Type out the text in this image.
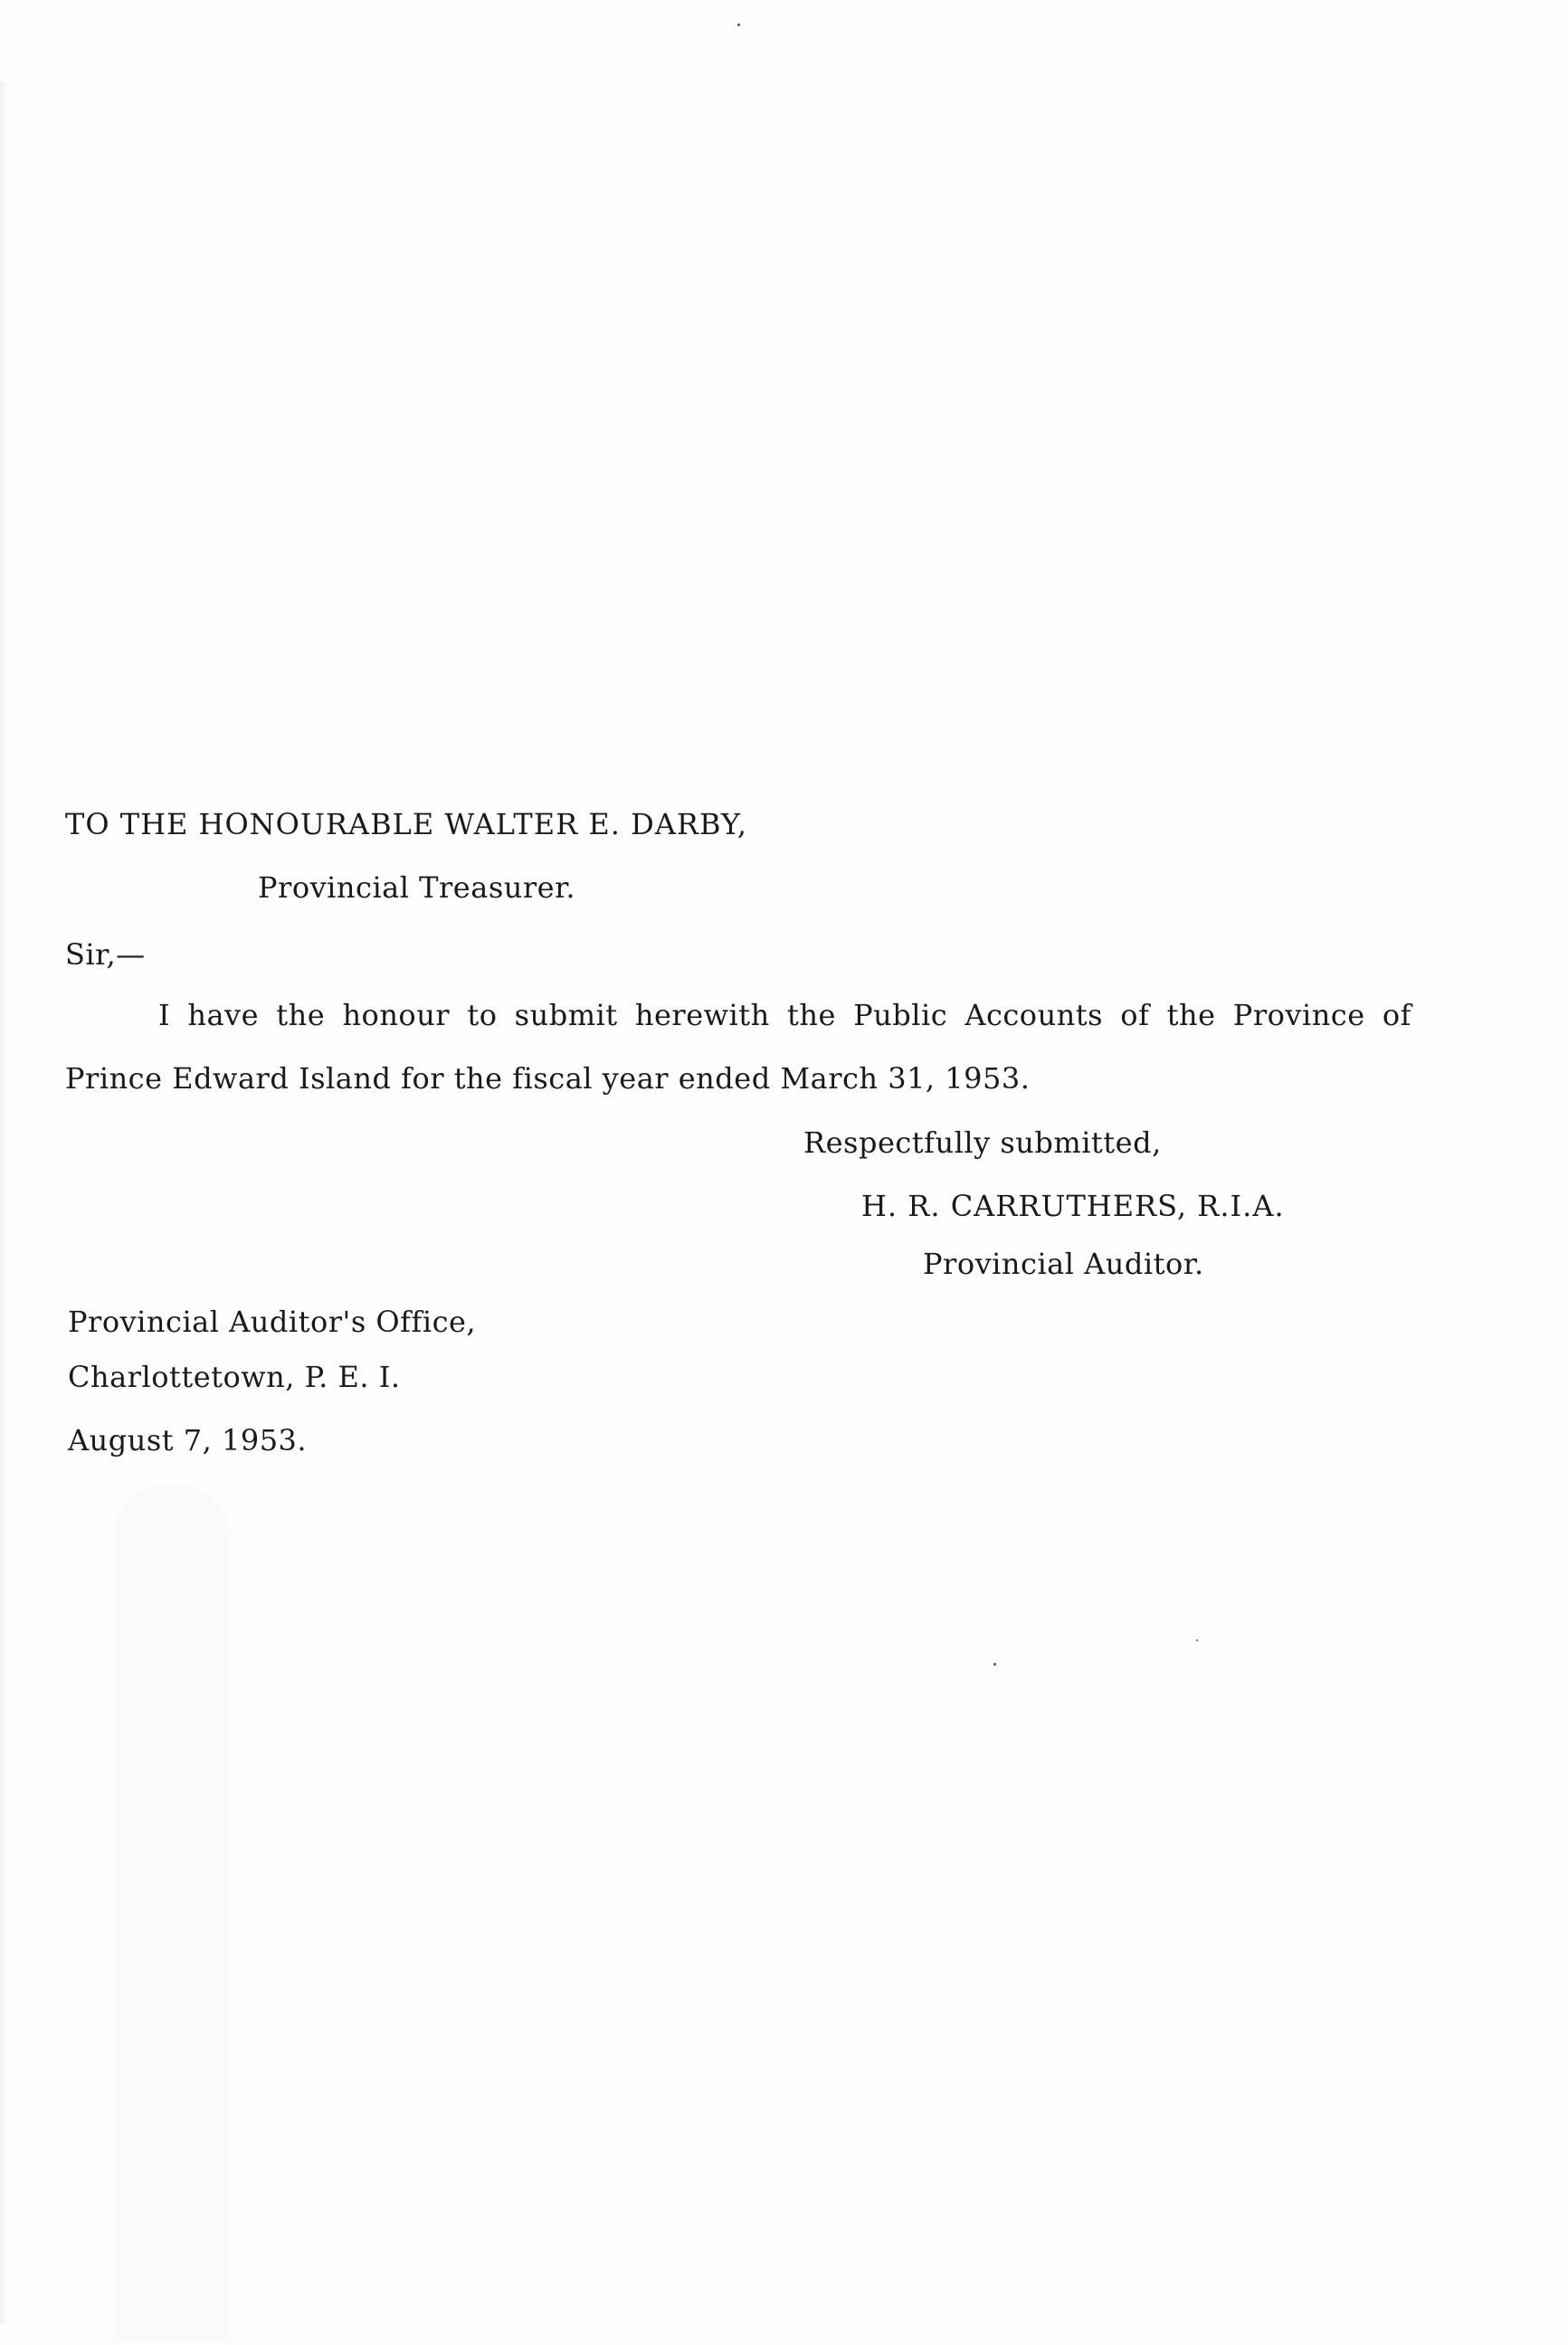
TO THE HONOURABLE WALTER E. DARBY,
Provincial Treasurer.
Sir,—
I have the honour to submit herewith the Public Accounts of the Province of
Prince Edward Island for the fiscal year ended March 31, 1953.
Respectfully submitted,
H. R. CARRUTHERS, R.I.A.
Provincial Auditor.
Provincial Auditor's Office,
Charlottetown, P. E. I.
August 7, 1953.
